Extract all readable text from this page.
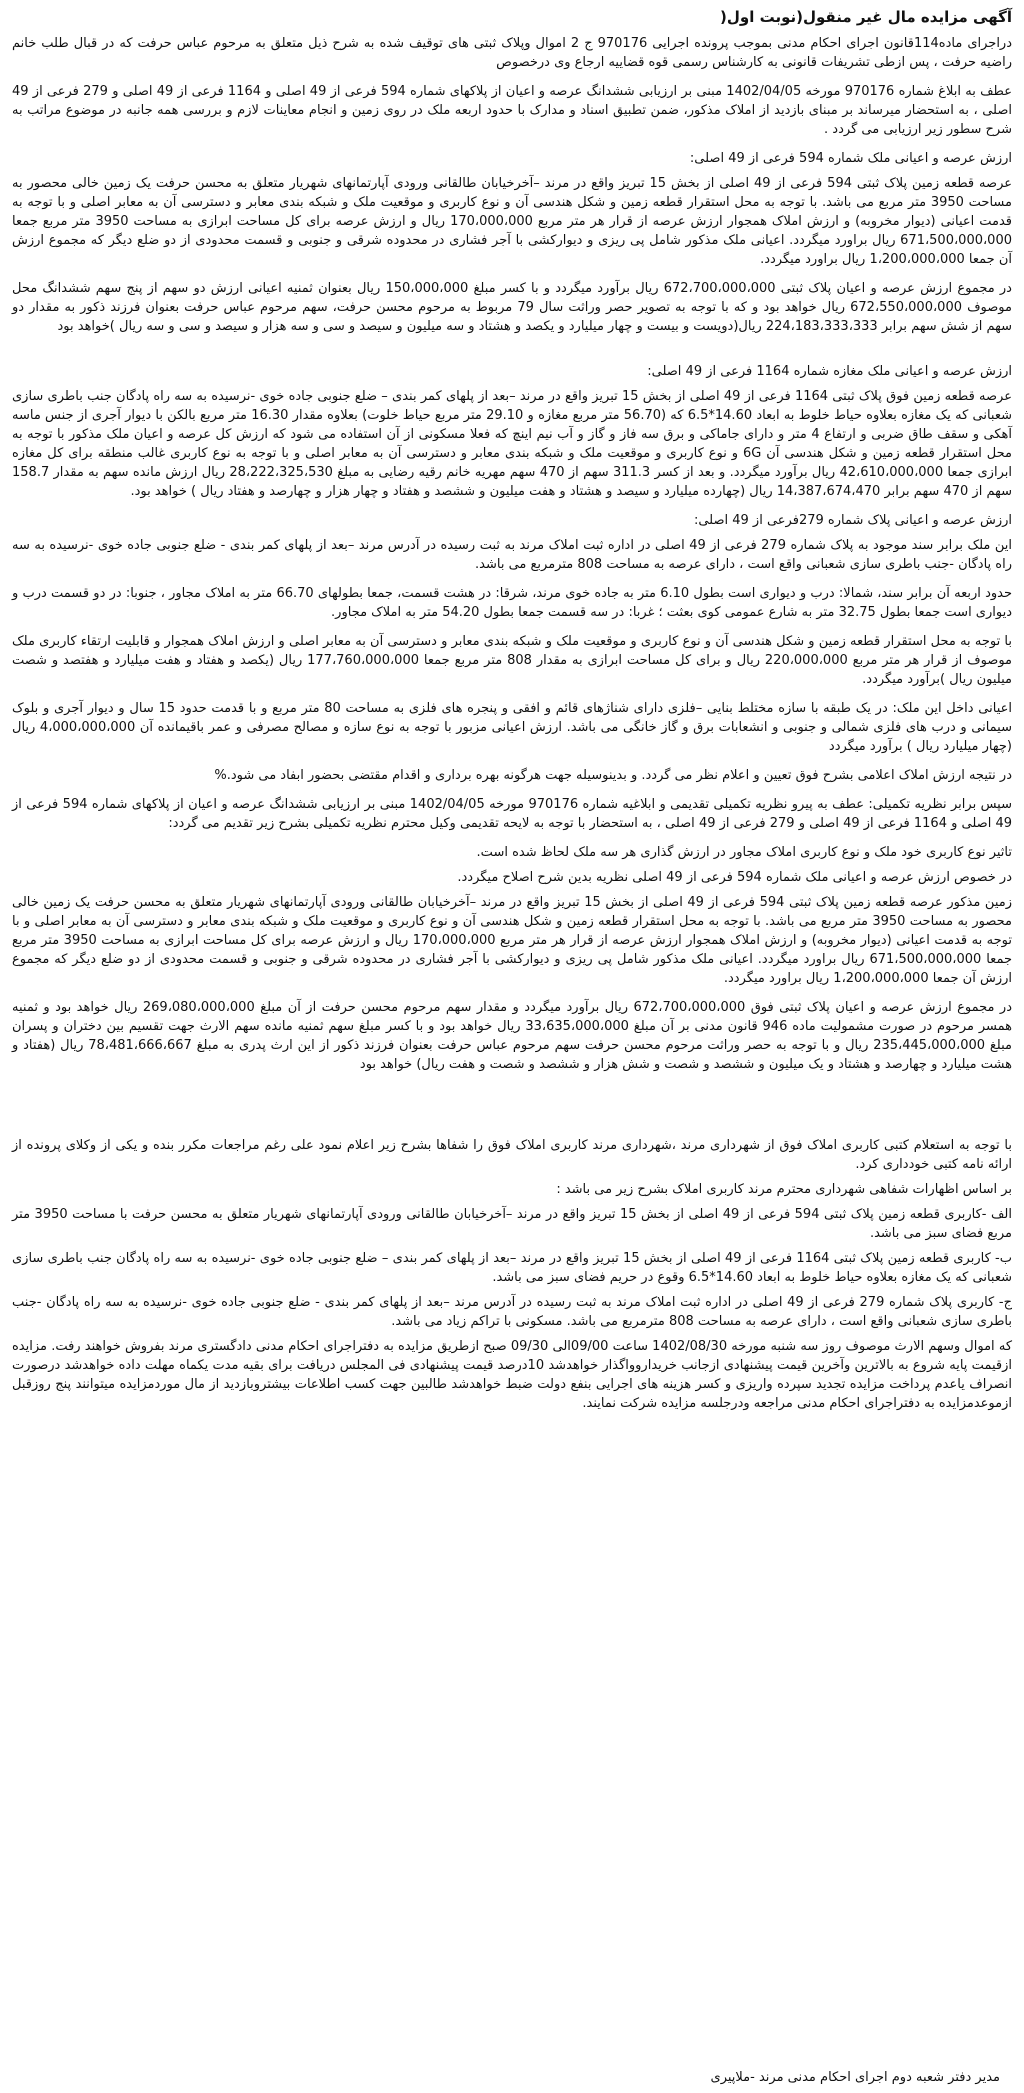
آگهی مزایده مال غیر منقول(نوبت اول(

دراجرای ماده114قانون اجرای احکام مدنی بموجب پرونده اجرایی 970176 ج 2 اموال وپلاک ثبتی های توقیف شده به شرح ذیل متعلق به مرحوم عباس حرفت که در قبال طلب خانم راضیه حرفت ، پس ازطی تشریفات قانونی به کارشناس رسمی قوه قضاییه ارجاع وی درخصوص

عطف به ابلاغ شماره 970176 مورخه 1402/04/05 مبنی بر ارزیابی ششدانگ عرصه و اعیان از پلاکهای شماره 594 فرعی از 49 اصلی و 1164 فرعی از 49 اصلی و 279 فرعی از 49 اصلی ، به استحضار میرساند بر مبنای بازدید از املاک مذکور، ضمن تطبیق اسناد و مدارک با حدود اربعه ملک در روی زمین و انجام معاینات لازم و بررسی همه جانبه در موضوع مراتب به شرح سطور زیر ارزیابی می گردد .

ارزش عرصه و اعیانی ملک شماره 594 فرعی از 49 اصلی:

عرصه قطعه زمین پلاک ثبتی 594 فرعی از 49 اصلی از بخش 15 تبریز واقع در مرند –آخرخیابان طالقانی ورودی آپارتمانهای شهریار متعلق به محسن حرفت یک زمین خالی محصور به مساحت 3950 متر مربع می باشد. با توجه به محل استقرار قطعه زمین و شکل هندسی آن و نوع کاربری و موقعیت ملک و شبکه بندی معابر و دسترسی آن به معابر اصلی و با توجه به قدمت اعیانی (دیوار مخروبه) و ارزش املاک همجوار ارزش عرصه از قرار هر متر مربع 170،000،000 ریال و ارزش عرصه برای کل مساحت ابرازی به مساحت 3950 متر مربع جمعا 671،500،000،000 ریال براورد میگردد. اعیانی ملک مذکور شامل پی ریزی و دیوارکشی با آجر فشاری در محدوده شرقی و جنوبی و قسمت محدودی از دو ضلع دیگر که مجموع ارزش آن جمعا 1،200،000،000 ریال براورد میگردد.

در مجموع ارزش عرصه و اعیان پلاک ثبتی 672،700،000،000 ریال برآورد میگردد و با کسر مبلغ 150،000،000 ریال بعنوان ثمنیه اعیانی ارزش دو سهم از پنج سهم ششدانگ محل موصوف 672،550،000،000 ریال خواهد بود و که با توجه به تصویر حصر وراثت سال 79 مربوط به مرحوم محسن حرفت، سهم مرحوم عباس حرفت بعنوان فرزند ذکور به مقدار دو سهم از شش سهم برابر 224،183،333،333 ریال(دویست و بیست و چهار میلیارد و یکصد و هشتاد و سه میلیون و سیصد و سی و سه هزار و سیصد و سی و سه ریال )خواهد بود

ارزش عرصه و اعیانی ملک مغازه شماره 1164 فرعی از 49 اصلی:

عرصه قطعه زمین فوق پلاک ثبتی 1164 فرعی از 49 اصلی از بخش 15 تبریز واقع در مرند –بعد از پلهای کمر بندی – ضلع جنوبی جاده خوی -نرسیده به سه راه پادگان جنب باطری سازی شعبانی که یک مغازه بعلاوه حیاط خلوط به ابعاد 14.60*6.5 که (56.70 متر مربع مغازه و 29.10 متر مربع حیاط خلوت) بعلاوه مقدار 16.30 متر مربع بالکن با دیوار آجری از جنس ماسه آهکی و سقف طاق ضربی و ارتفاع 4 متر و دارای جاماکی و برق سه فاز و گاز و آب نیم اینچ که فعلا مسکونی از آن استفاده می شود که ارزش کل عرصه و اعیان ملک مذکور با توجه به محل استقرار قطعه زمین و شکل هندسی آن 6G و نوع کاربری و موقعیت ملک و شبکه بندی معابر و دسترسی آن به معابر اصلی و با توجه به نوع کاربری غالب منطقه برای کل مغازه ابرازی جمعا 42،610،000،000 ریال برآورد میگردد. و بعد از کسر 311.3 سهم از 470 سهم مهریه خانم رقیه رضایی به مبلغ 28،222،325،530 ریال ارزش مانده سهم به مقدار 158.7 سهم از 470 سهم برابر 14،387،674،470 ریال (چهارده میلیارد و سیصد و هشتاد و هفت میلیون و ششصد و هفتاد و چهار هزار و چهارصد و هفتاد ریال ) خواهد بود.

ارزش عرصه و اعیانی پلاک شماره 279فرعی از 49 اصلی:

این ملک برابر سند موجود به پلاک شماره 279 فرعی از 49 اصلی در اداره ثبت املاک مرند به ثبت رسیده در آدرس مرند –بعد از پلهای کمر بندی - ضلع جنوبی جاده خوی -نرسیده به سه راه پادگان -جنب باطری سازی شعبانی واقع است ، دارای عرصه به مساحت 808 مترمربع می باشد.

حدود اربعه آن برابر سند، شمالا: درب و دیواری است بطول 6.10 متر به جاده خوی مرند، شرقا: در هشت قسمت، جمعا بطولهای 66.70 متر به املاک مجاور ، جنوبا: در دو قسمت درب و دیواری است جمعا بطول 32.75 متر به شارع عمومی کوی بعثت ؛ غربا: در سه قسمت جمعا بطول 54.20 متر به املاک مجاور.

با توجه به محل استقرار قطعه زمین و شکل هندسی آن و نوع کاربری و موقعیت ملک و شبکه بندی معابر و دسترسی آن به معابر اصلی و ارزش املاک همجوار و قابلیت ارتقاء کاربری ملک موصوف از قرار هر متر مربع 220،000،000 ریال و برای کل مساحت ابرازی به مقدار 808 متر مربع جمعا 177،760،000،000 ریال (یکصد و هفتاد و هفت میلیارد و هفتصد و شصت میلیون ریال )برآورد میگردد.

اعیانی داخل این ملک: در یک طبقه با سازه مختلط بنایی –فلزی دارای شناژهای قائم و افقی و پنجره های فلزی به مساحت 80 متر مربع و با قدمت حدود 15 سال و دیوار آجری و بلوک سیمانی و درب های فلزی شمالی و جنوبی و انشعابات برق و گاز خانگی می باشد. ارزش اعیانی مزبور با توجه به نوع سازه و مصالح مصرفی و عمر باقیمانده آن 4،000،000،000 ریال (چهار میلیارد ریال ) برآورد میگردد

در نتیجه ارزش املاک اعلامی بشرح فوق تعیین و اعلام نظر می گردد. و بدینوسیله جهت هرگونه بهره برداری و اقدام مقتضی بحضور ابفاد می شود.%

سپس برابر نظریه تکمیلی: عطف به پیرو نظریه تکمیلی تقدیمی و ابلاغیه شماره 970176 مورخه 1402/04/05 مبنی بر ارزیابی ششدانگ عرصه و اعیان از پلاکهای شماره 594 فرعی از 49 اصلی و 1164 فرعی از 49 اصلی و 279 فرعی از 49 اصلی ، به استحضار با توجه به لایحه تقدیمی وکیل محترم نظریه تکمیلی بشرح زیر تقدیم می گردد:

تاثیر نوع کاربری خود ملک و نوع کاربری املاک مجاور در ارزش گذاری هر سه ملک لحاظ شده است.

در خصوص ارزش عرصه و اعیانی ملک شماره 594 فرعی از 49 اصلی نظریه بدین شرح اصلاح میگردد.

زمین مذکور عرصه قطعه زمین پلاک ثبتی 594 فرعی از 49 اصلی از بخش 15 تبریز واقع در مرند –آخرخیابان طالقانی ورودی آپارتمانهای شهریار متعلق به محسن حرفت یک زمین خالی محصور به مساحت 3950 متر مربع می باشد. با توجه به محل استقرار قطعه زمین و شکل هندسی آن و نوع کاربری و موقعیت ملک و شبکه بندی معابر و دسترسی آن به معابر اصلی و با توجه به قدمت اعیانی (دیوار مخروبه) و ارزش املاک همجوار ارزش عرصه از قرار هر متر مربع 170،000،000 ریال و ارزش عرصه برای کل مساحت ابرازی به مساحت 3950 متر مربع جمعا 671،500،000،000 ریال براورد میگردد. اعیانی ملک مذکور شامل پی ریزی و دیوارکشی با آجر فشاری در محدوده شرقی و جنوبی و قسمت محدودی از دو ضلع دیگر که مجموع ارزش آن جمعا 1،200،000،000 ریال براورد میگردد.

در مجموع ارزش عرصه و اعیان پلاک ثبتی فوق 672،700،000،000 ریال برآورد میگردد و مقدار سهم مرحوم محسن حرفت از آن مبلغ 269،080،000،000 ریال خواهد بود و ثمنیه همسر مرحوم در صورت مشمولیت ماده 946 قانون مدنی بر آن مبلغ 33،635،000،000 ریال خواهد بود و با کسر مبلغ سهم ثمنیه مانده سهم الارث جهت تقسیم بین دختران و پسران مبلغ 235،445،000،000 ریال و با توجه به حصر وراثت مرحوم محسن حرفت سهم مرحوم عباس حرفت بعنوان فرزند ذکور از این ارث پدری به مبلغ 78،481،666،667 ریال (هفتاد و هشت میلیارد و چهارصد و هشتاد و یک میلیون و ششصد و شصت و شش هزار و ششصد و شصت و هفت ریال) خواهد بود

با توجه به استعلام کتبی کاربری املاک فوق از شهرداری مرند ،شهرداری مرند کاربری املاک فوق را شفاها بشرح زیر اعلام نمود علی رغم مراجعات مکرر بنده و یکی از وکلای پرونده از ارائه نامه کتبی خودداری کرد.

بر اساس اظهارات شفاهی شهرداری محترم مرند کاربری املاک بشرح زیر می باشد :

الف -کاربری قطعه زمین پلاک ثبتی 594 فرعی از 49 اصلی از بخش 15 تبریز واقع در مرند –آخرخیابان طالقانی ورودی آپارتمانهای شهریار متعلق به محسن حرفت با مساحت 3950 متر مربع فضای سبز می باشد.

ب- کاربری قطعه زمین پلاک ثبتی 1164 فرعی از 49 اصلی از بخش 15 تبریز واقع در مرند –بعد از پلهای کمر بندی – ضلع جنوبی جاده خوی -نرسیده به سه راه پادگان جنب باطری سازی شعبانی که یک مغازه بعلاوه حیاط خلوط به ابعاد 14.60*6.5 وقوع در حریم فضای سبز می باشد.

ج- کاربری پلاک شماره 279 فرعی از 49 اصلی در اداره ثبت املاک مرند به ثبت رسیده در آدرس مرند –بعد از پلهای کمر بندی - ضلع جنوبی جاده خوی -نرسیده به سه راه پادگان -جنب باطری سازی شعبانی واقع است ، دارای عرصه به مساحت 808 مترمربع می باشد. مسکونی با تراکم زیاد می باشد.

که اموال وسهم الارث موصوف روز سه شنبه مورخه 1402/08/30 ساعت 09/00الی 09/30 صبح ازطریق مزایده به دفتراجرای احکام مدنی دادگستری مرند بفروش خواهند رفت. مزایده ازقیمت پایه شروع به بالاترین وآخرین قیمت پیشنهادی ازجانب خریداروواگذار خواهدشد 10درصد قیمت پیشنهادی فی المجلس دریافت برای بقیه مدت یکماه مهلت داده خواهدشد درصورت انصراف یاعدم پرداخت مزایده تجدید سپرده واریزی و کسر هزینه های اجرایی بنفع دولت ضبط خواهدشد طالبین جهت کسب اطلاعات بیشتروبازدید از مال موردمزایده میتوانند پنج روزقبل ازموعدمزایده به دفتراجرای احکام مدنی مراجعه ودرجلسه مزایده شرکت نمایند.

مدیر دفتر شعبه دوم اجرای احکام مدنی مرند -ملاپیری
